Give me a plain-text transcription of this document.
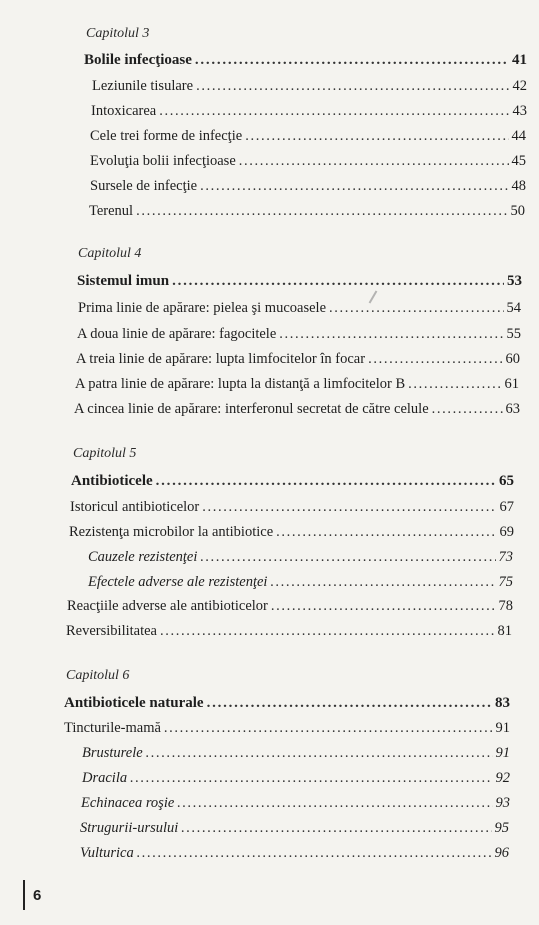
Capitolul 3
Bolile infecţioase . . .	41
Leziunile tisulare . . .	42
Intoxicarea . . .	43
Cele trei forme de infecţie . . .	44
Evoluţia bolii infecţioase . . .	45
Sursele de infecţie . . .	48
Terenul . . .	50
Capitolul 4
Sistemul imun . . .	53
Prima linie de apărare: pielea şi mucoasele . . .	54
A doua linie de apărare: fagocitele . . .	55
A treia linie de apărare: lupta limfocitelor în focar . . .	60
A patra linie de apărare: lupta la distanţă a limfocitelor B . . .	61
A cincea linie de apărare: interferonul secretat de către celule . . .	63
Capitolul 5
Antibioticele . . .	65
Istoricul antibioticelor . . .	67
Rezistenţa microbilor la antibiotice . . .	69
Cauzele rezistenţei . . .	73
Efectele adverse ale rezistenţei . . .	75
Reacţiile adverse ale antibioticelor . . .	78
Reversibilitatea . . .	81
Capitolul 6
Antibioticele naturale . . .	83
Tincturile-mamă . . .	91
Brusturele . . .	91
Dracila . . .	92
Echinacea roşie . . .	93
Strugurii-ursului . . .	95
Vulturica . . .	96
6
